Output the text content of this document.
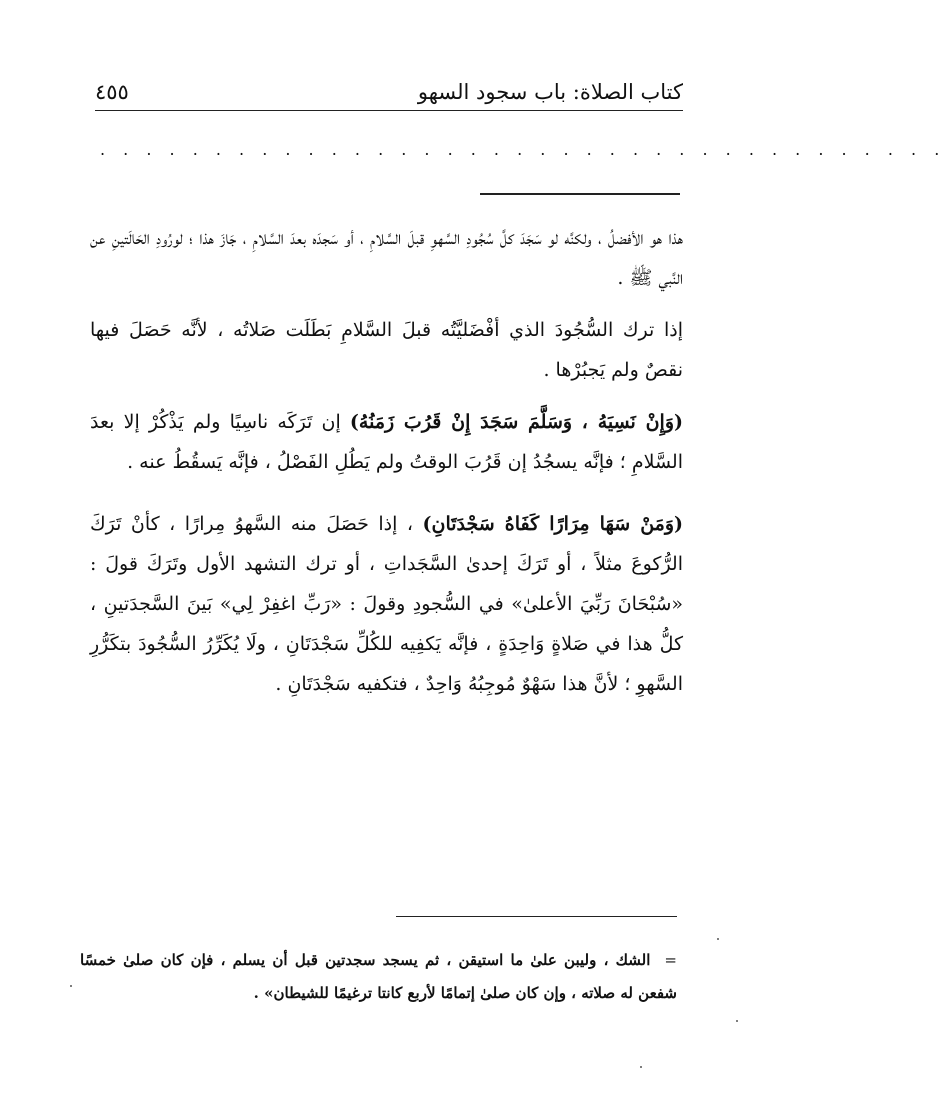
٤٥٥	كتاب الصلاة: باب سجود السهو
. . . . . . . . . . . . . . . . . . . . . . . . . . . . . . . . . . . . .

هذا هو الأفضلُ ، ولكنَّه لو سَجَدَ كلَّ سُجُودِ السَّهوِ قبلَ السَّلامِ ، أو سَجدَه بعدَ السَّلامِ ، جَازَ هذا ؛ لورُودِ الحَالَتينِ عن النَّبي ﷺ .

إذا ترك السُّجُودَ الذي أفْضَليَّتُه قبلَ السَّلامِ بَطَلَت صَلاتُه ، لأنَّه حَصَلَ فيها نقصٌ ولم يَجبُرْها .

(وَإِنْ نَسِيَهُ ، وَسَلَّمَ سَجَدَ إِنْ قَرُبَ زَمَنُهُ) إن تَرَكَه ناسِيًا ولم يَذْكُرْ إلا بعدَ السَّلامِ ؛ فإنَّه يسجُدُ إن قَرُبَ الوقتُ ولم يَطُلِ الفَصْلُ ، فإنَّه يَسقُطُ عنه .

(وَمَنْ سَهَا مِرَارًا كَفَاهُ سَجْدَتَانِ) ، إذا حَصَلَ منه السَّهوُ مِرارًا ، كأنْ تَرَكَ الرُّكوعَ مثلاً ، أو تَرَكَ إحدىٰ السَّجَداتِ ، أو ترك التشهد الأول وتَرَكَ قولَ : «سُبْحَانَ رَبِّيَ الأعلىٰ» في السُّجودِ وقولَ : «رَبِّ اغفِرْ لِي» بَينَ السَّجدَتينِ ، كلُّ هذا في صَلاةٍ وَاحِدَةٍ ، فإنَّه يَكفِيه للكُلِّ سَجْدَتَانِ ، ولَا يُكَرِّرُ السُّجُودَ بتكَرُّرِ السَّهوِ ؛ لأنَّ هذا سَهْوٌ مُوجِبُهُ وَاحِدٌ ، فتكفيه سَجْدَتَانِ .

=الشك ، وليبن علىٰ ما استيقن ، ثم يسجد سجدتين قبل أن يسلم ، فإن كان صلىٰ خمسًا شفعن له صلاته ، وإن كان صلىٰ إتمامًا لأربع كانتا ترغيمًا للشيطان» .
